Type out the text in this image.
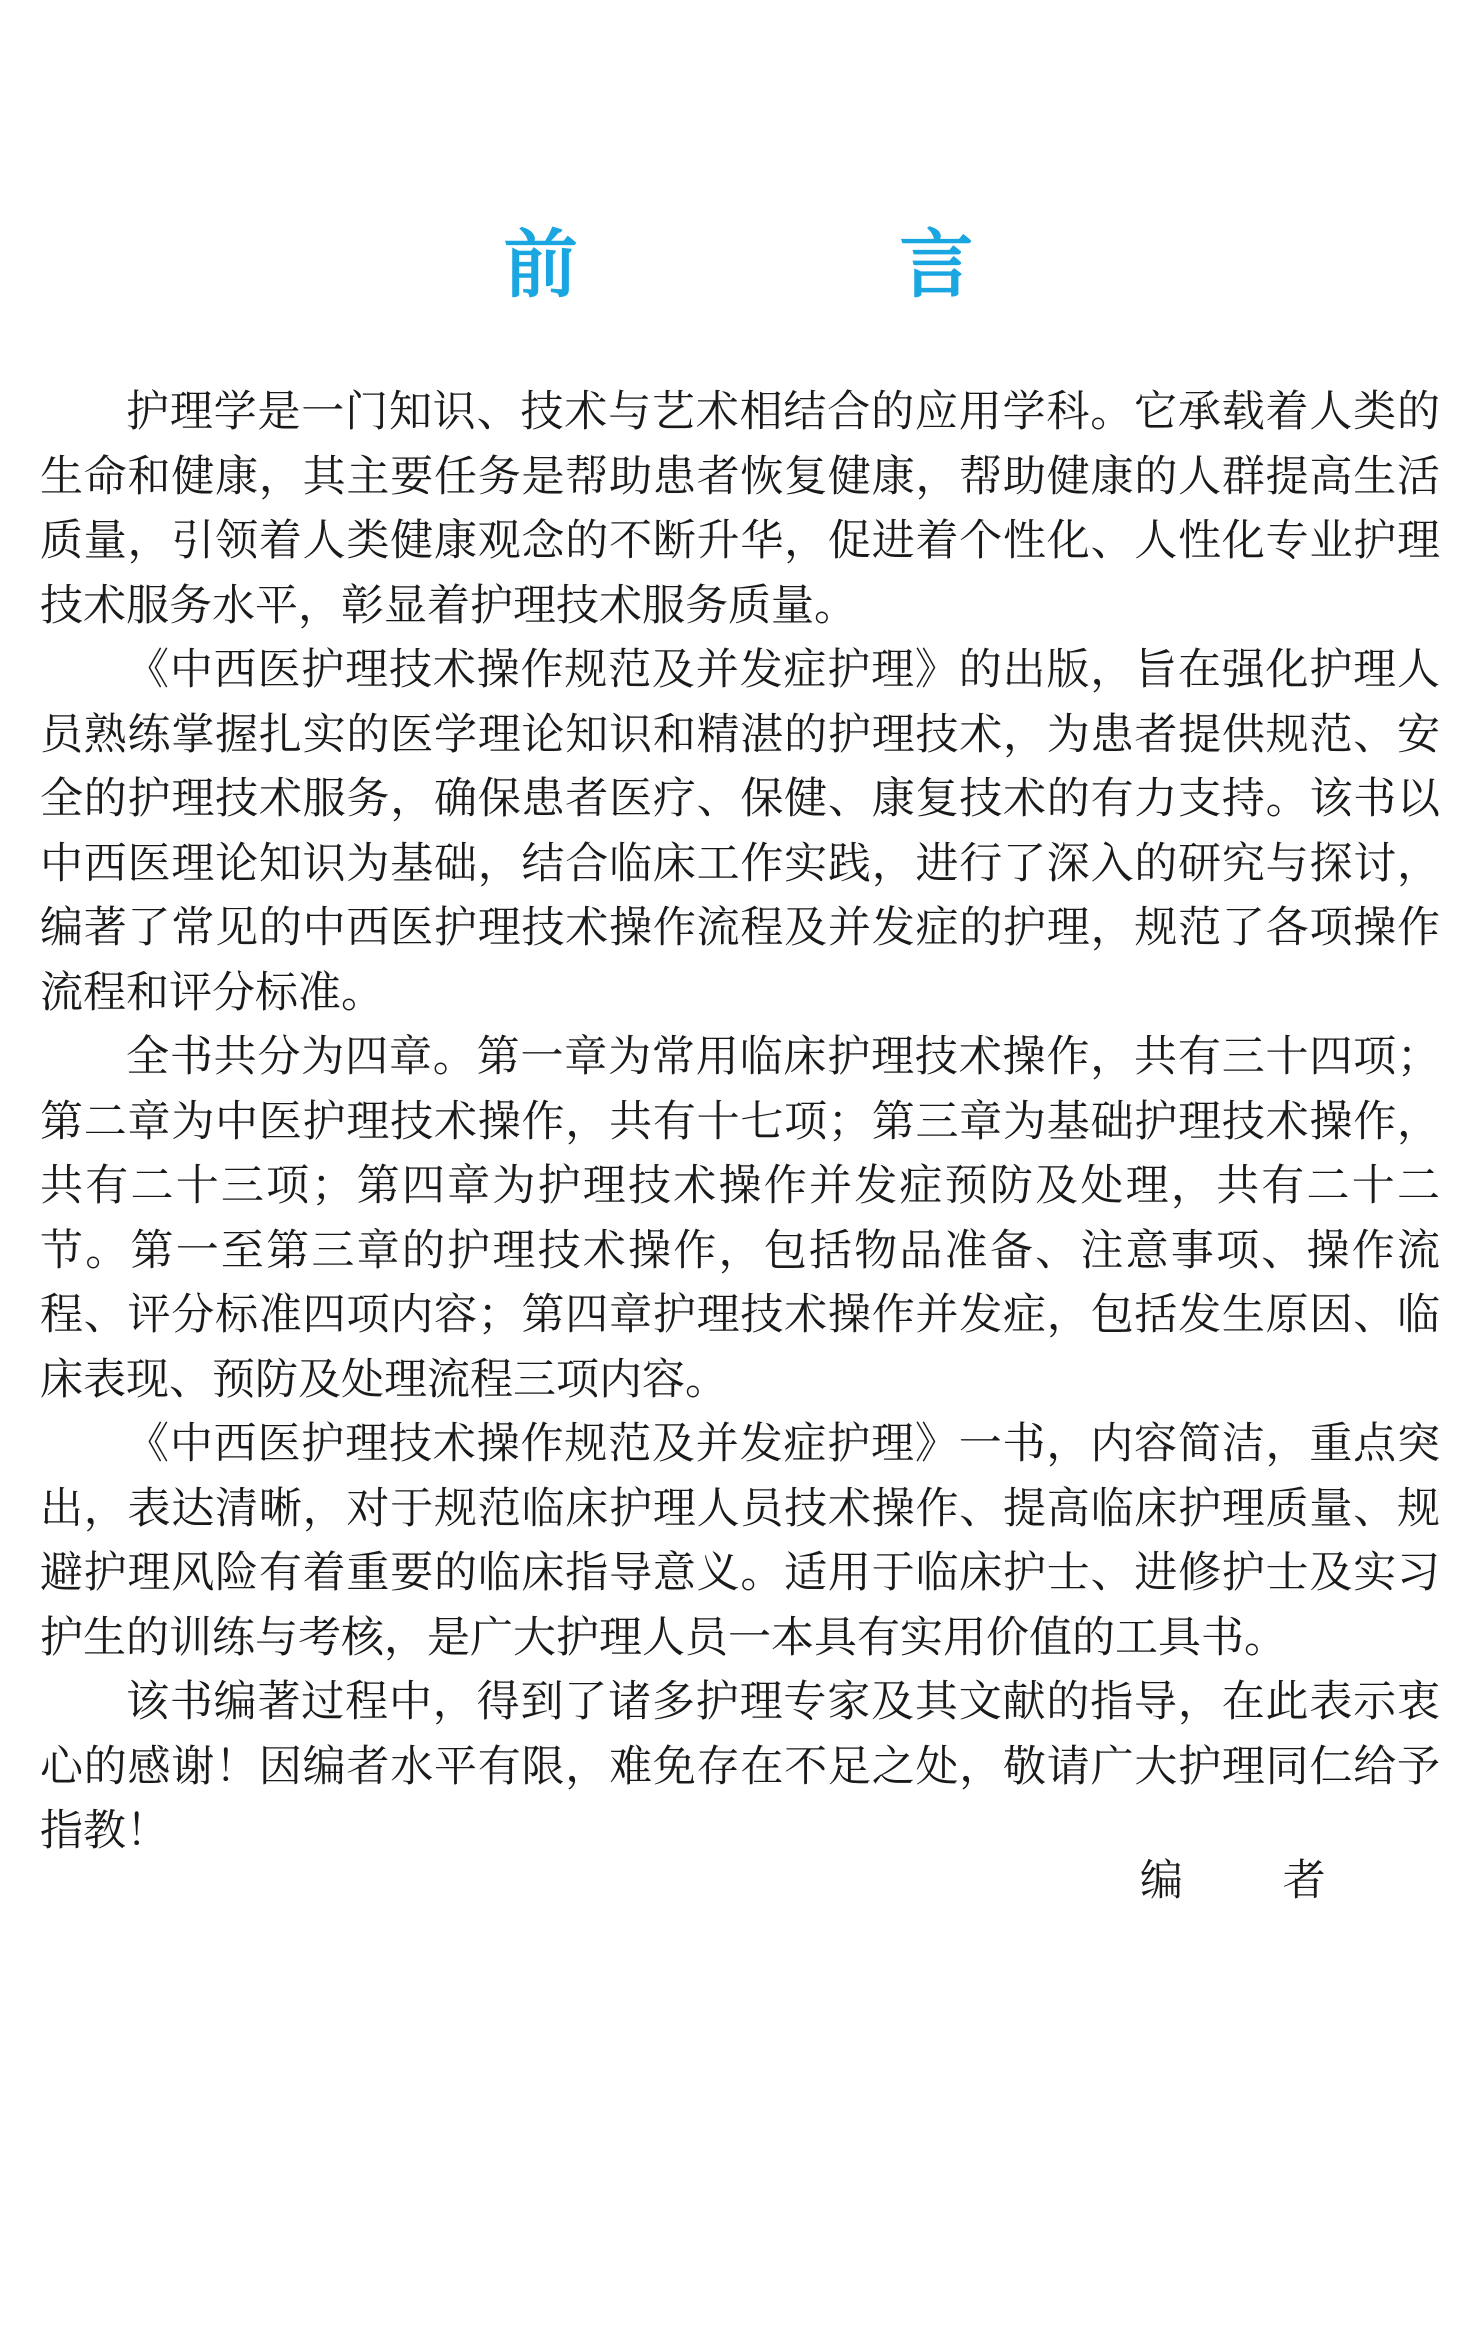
前 言

护理学是一门知识、技术与艺术相结合的应用学科。它承载着人类的生命和健康，其主要任务是帮助患者恢复健康，帮助健康的人群提高生活质量，引领着人类健康观念的不断升华，促进着个性化、人性化专业护理技术服务水平，彰显着护理技术服务质量。

《中西医护理技术操作规范及并发症护理》的出版，旨在强化护理人员熟练掌握扎实的医学理论知识和精湛的护理技术，为患者提供规范、安全的护理技术服务，确保患者医疗、保健、康复技术的有力支持。该书以中西医理论知识为基础，结合临床工作实践，进行了深入的研究与探讨，编著了常见的中西医护理技术操作流程及并发症的护理，规范了各项操作流程和评分标准。

全书共分为四章。第一章为常用临床护理技术操作，共有三十四项；第二章为中医护理技术操作，共有十七项；第三章为基础护理技术操作，共有二十三项；第四章为护理技术操作并发症预防及处理，共有二十二节。第一至第三章的护理技术操作，包括物品准备、注意事项、操作流程、评分标准四项内容；第四章护理技术操作并发症，包括发生原因、临床表现、预防及处理流程三项内容。

《中西医护理技术操作规范及并发症护理》一书，内容简洁，重点突出，表达清晰，对于规范临床护理人员技术操作、提高临床护理质量、规避护理风险有着重要的临床指导意义。适用于临床护士、进修护士及实习护生的训练与考核，是广大护理人员一本具有实用价值的工具书。

该书编著过程中，得到了诸多护理专家及其文献的指导，在此表示衷心的感谢！因编者水平有限，难免存在不足之处，敬请广大护理同仁给予指教！

编 者
